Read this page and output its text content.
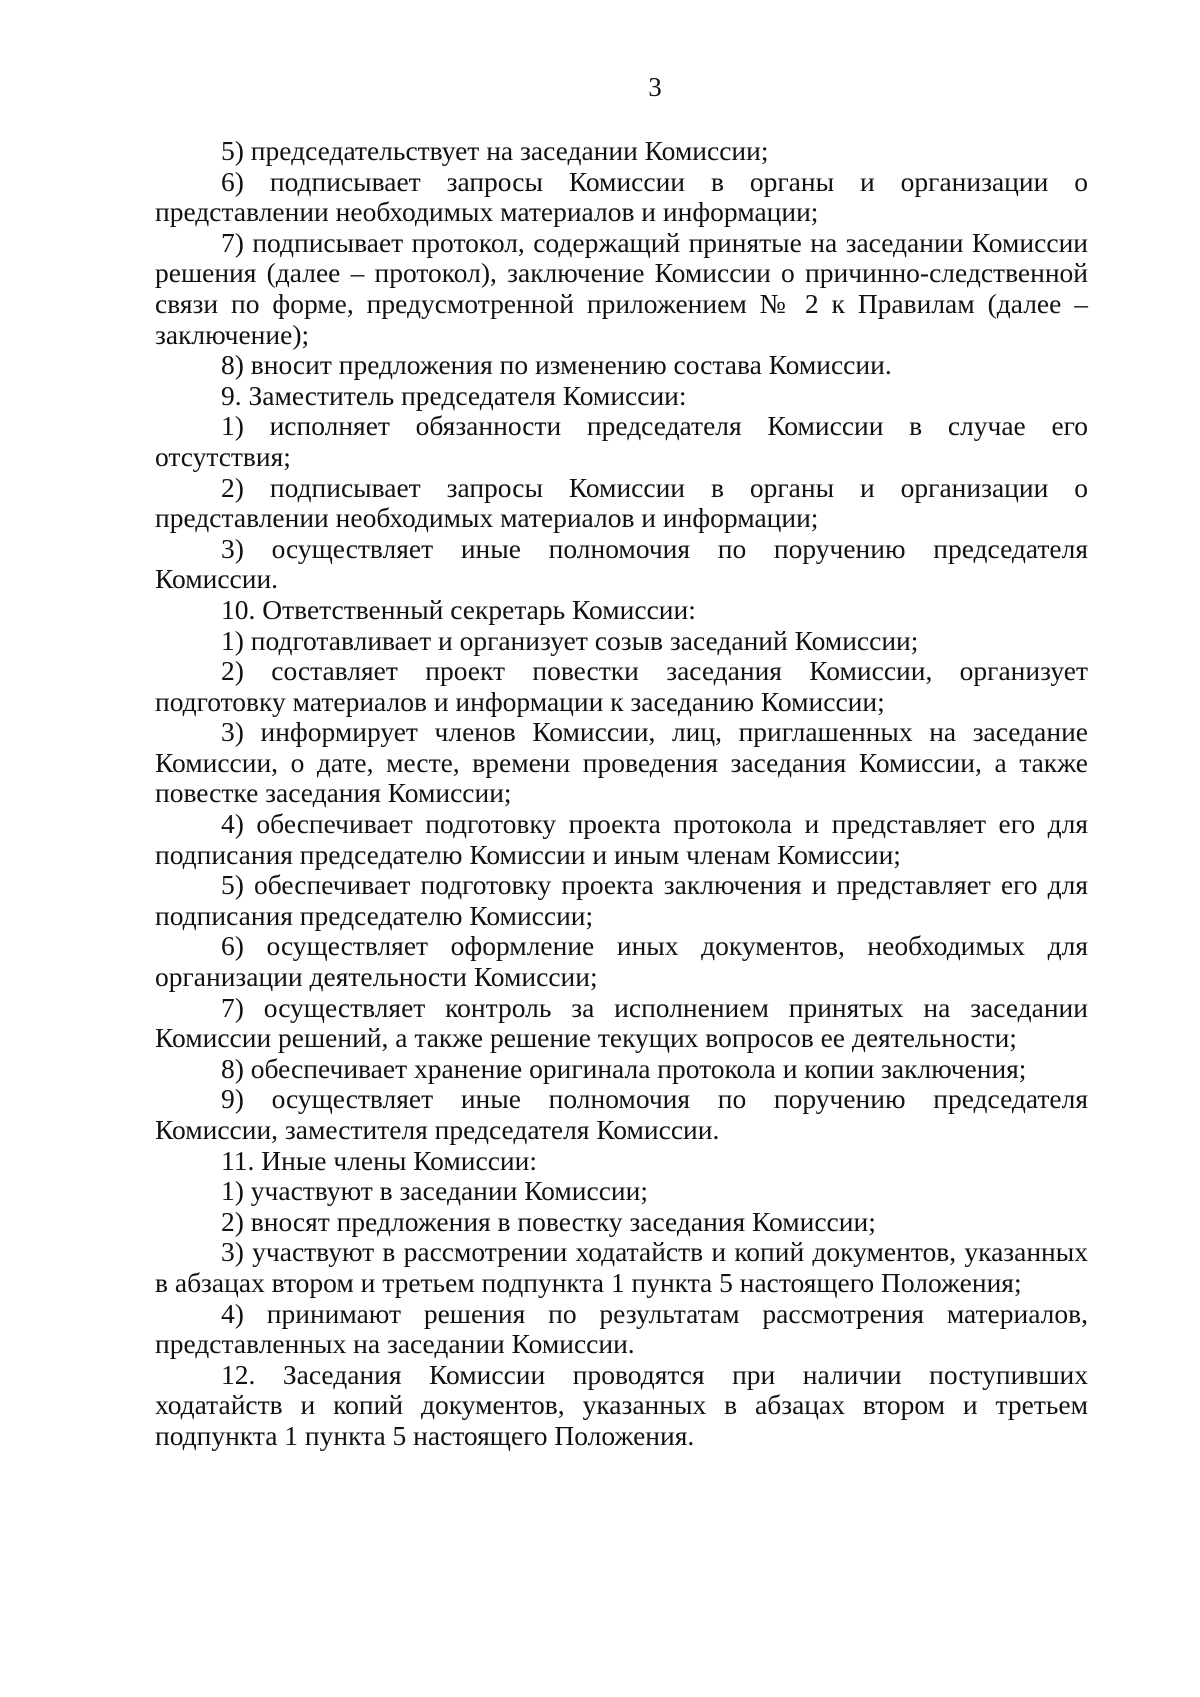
3

5) председательствует на заседании Комиссии;

6) подписывает запросы Комиссии в органы и организации о представлении необходимых материалов и информации;

7) подписывает протокол, содержащий принятые на заседании Комиссии решения (далее – протокол), заключение Комиссии о причинно-следственной связи по форме, предусмотренной приложением № 2 к Правилам (далее – заключение);

8) вносит предложения по изменению состава Комиссии.

9. Заместитель председателя Комиссии:

1) исполняет обязанности председателя Комиссии в случае его отсутствия;

2) подписывает запросы Комиссии в органы и организации о представлении необходимых материалов и информации;

3) осуществляет иные полномочия по поручению председателя Комиссии.

10. Ответственный секретарь Комиссии:

1) подготавливает и организует созыв заседаний Комиссии;

2) составляет проект повестки заседания Комиссии, организует подготовку материалов и информации к заседанию Комиссии;

3) информирует членов Комиссии, лиц, приглашенных на заседание Комиссии, о дате, месте, времени проведения заседания Комиссии, а также повестке заседания Комиссии;

4) обеспечивает подготовку проекта протокола и представляет его для подписания председателю Комиссии и иным членам Комиссии;

5) обеспечивает подготовку проекта заключения и представляет его для подписания председателю Комиссии;

6) осуществляет оформление иных документов, необходимых для организации деятельности Комиссии;

7) осуществляет контроль за исполнением принятых на заседании Комиссии решений, а также решение текущих вопросов ее деятельности;

8) обеспечивает хранение оригинала протокола и копии заключения;

9) осуществляет иные полномочия по поручению председателя Комиссии, заместителя председателя Комиссии.

11. Иные члены Комиссии:

1) участвуют в заседании Комиссии;

2) вносят предложения в повестку заседания Комиссии;

3) участвуют в рассмотрении ходатайств и копий документов, указанных в абзацах втором и третьем подпункта 1 пункта 5 настоящего Положения;

4) принимают решения по результатам рассмотрения материалов, представленных на заседании Комиссии.

12. Заседания Комиссии проводятся при наличии поступивших ходатайств и копий документов, указанных в абзацах втором и третьем подпункта 1 пункта 5 настоящего Положения.
